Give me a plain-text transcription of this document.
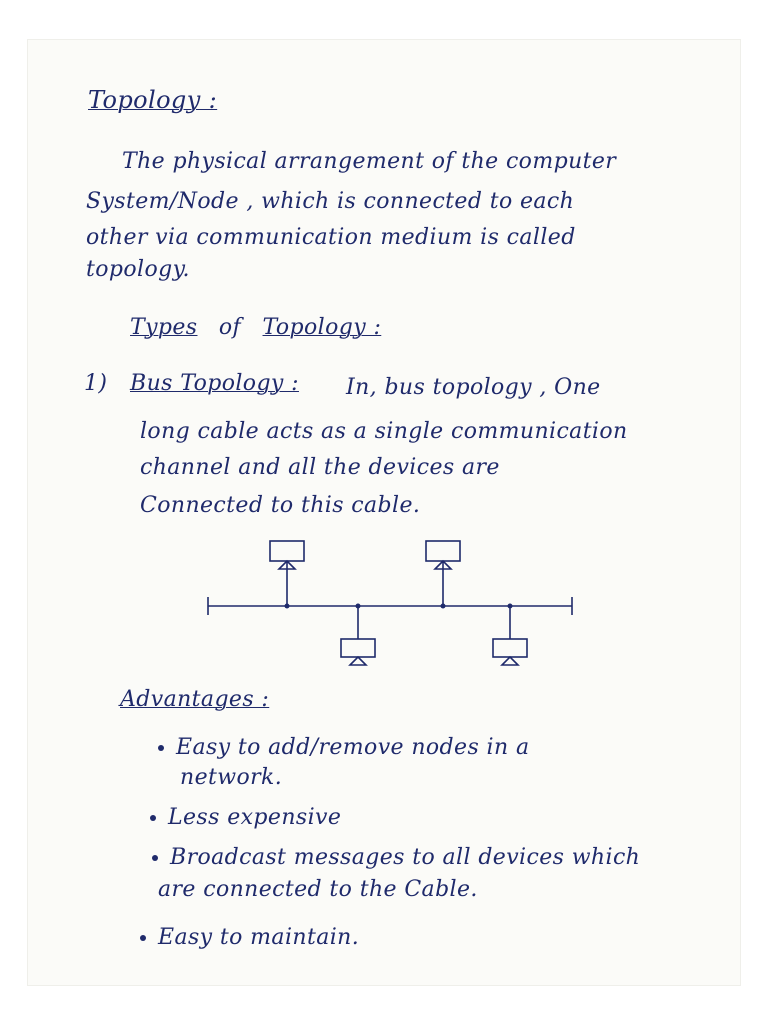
Topology :
The physical arrangement of the computer
System/Node , which is connected to each
other via communication medium is called
topology.
Types of Topology :
1) Bus Topology : In, bus topology , One
long cable acts as a single communication
channel and all the devices are
Connected to this cable.
Advantages :
Easy to add/remove nodes in a
network.
Less expensive
Broadcast messages to all devices which
are connected to the Cable.
Easy to maintain.
